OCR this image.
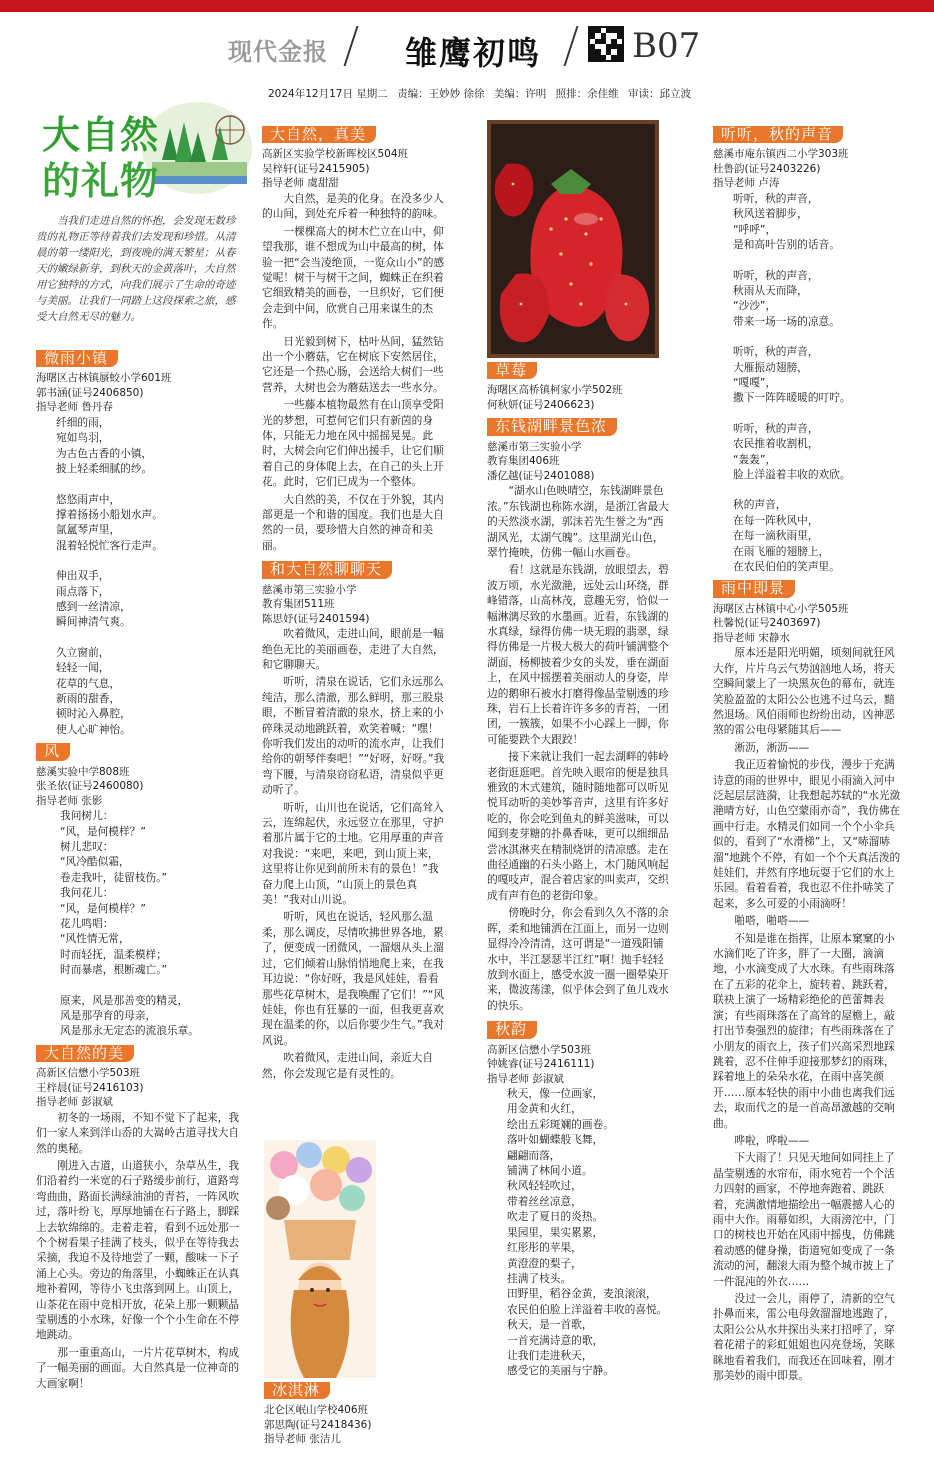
现代金报 雏鹰初鸣	B07
2024年12月17日 星期二 责编：王妙妙 徐徐 美编：许明 照排：余佳维 审读：邱立波
大自然
的礼物
当我们走进自然的怀抱，会发现无数珍贵的礼物正等待着我们去发现和珍惜。从清晨的第一缕阳光，到夜晚的满天繁星；从春天的嫩绿新芽，到秋天的金黄落叶，大自然用它独特的方式，向我们展示了生命的奇迹与美丽。让我们一同踏上这段探索之旅，感受大自然无尽的魅力。
微雨小镇
海曙区古林镇蜃蛟小学601班
郭书涵(证号2406850)
指导老师 鲁丹春
纤细的雨，
宛如鸟羽，
为古色古香的小镇，
披上轻柔细腻的纱。
悠悠雨声中，
撑着扬扬小船划水声。
氤氲琴声里，
混着轻悦忙客行走声。
伸出双手，
雨点落下，
感到一丝清凉，
瞬间神清气爽。
久立窗前，
轻轻一闻，
花草的气息，
新雨的甜香，
顿时沁入鼻腔，
使人心旷神怡。
风
慈溪实验中学808班
张圣依(证号2460080)
指导老师 张影
我问树儿：
“风，是何模样？”
树儿悲叹：
“风冷酷似霜，
卷走我叶，徒留枝伤。”
我问花儿：
“风，是何模样？”
花儿鸣唱：
“风性情无常，
时而轻抚，温柔模样；
时而暴虐，根断魂亡。”
原来，风是那善变的精灵，
风是那孕育的母亲，
风是那永无定态的流浪乐章。
大自然的美
高新区信懋小学503班
王梓晨(证号2416103)
指导老师 彭淑斌

初冬的一场雨，不知不觉下了起来，我们一家人来到洋山岙的大嵩岭古道寻找大自然的奥秘。

刚进入古道，山道狭小，杂草丛生，我们沿着约一米宽的石子路缓步前行，道路弯弯曲曲，路面长满绿油油的青苔，一阵风吹过，落叶纷飞，厚厚地铺在石子路上，脚踩上去软绵绵的。走着走着，看到不远处那一个个树看果子挂满了枝头，似乎在等待我去采摘，我迫不及待地尝了一颗，酸味一下子涌上心头。旁边的角落里，小蜘蛛正在认真地补着网，等待小飞虫落到网上。山顶上，山茶花在雨中竞相开放，花朵上那一颗颗晶莹剔透的小水珠，好像一个个小生命在不停地跳动。

那一重重高山，一片片花草树木，构成了一幅美丽的画面。大自然真是一位神奇的大画家啊！

大自然，真美
高新区实验学校新晖校区504班
吴梓轩(证号2415905)
指导老师 虞甜甜

大自然，是美的化身。在没多少人的山间，到处充斥着一种独特的韵味。

一棵棵高大的树木伫立在山中，仰望我那，谁不想成为山中最高的树，体验一把“会当凌绝顶，一览众山小”的感觉呢！树干与树干之间，蜘蛛正在织着它细致精美的画卷，一旦织好，它们便会走到中间，欣赏自己用来谋生的杰作。

日光毅到树下，枯叶丛间，猛然钻出一个小蘑菇，它在树底下安然居住，它还是一个热心肠，会送给大树们一些营养，大树也会为蘑菇送去一些水分。

一些藤本植物最然有在山顶享受阳光的梦想，可惹何它们只有新茵的身体，只能无力地在风中摇摇晃晃。此时，大树会向它们伸出援手，让它们顺着自己的身体爬上去，在自己的头上开花。此时，它们已成为一个整体。

大自然的美，不仅在于外貌，其内部更是一个和谐的国度。我们也是大自然的一员，要珍惜大自然的神奇和美丽。

和大自然聊聊天
慈溪市第三实验小学
教育集团511班
陈思妤(证号2401594)

吹着微风，走进山间，眼前是一幅绝色无比的美丽画卷，走进了大自然，和它聊聊天。

听听，清泉在说话，它们永远那么纯洁，那么清澈，那么鲜明，那三股泉眼，不断冒着清澈的泉水，挤上来的小碎珠灵动地跳跃着，欢笑着喊：“嘿！你听我们发出的动听的流水声，让我们给你的朝琴伴奏吧！”“好呀，好呀。”我弯下腰，与清泉窃窃私语，清泉似乎更动听了。

听听，山川也在说话，它们高耸入云，连绵起伏，永远竖立在那里，守护着那片属于它的土地。它用厚重的声音对我说：“来吧，来吧，到山顶上来，这里将让你见到前所未有的景色！”我奋力爬上山顶，“山顶上的景色真美！”我对山川说。

听听，风也在说话，轻风那么温柔，那么调皮，尽情吹拂世界各地，累了，便变成一团微风，一溜烟从头上溜过，它们倾着山脉悄悄地爬上来，在我耳边说：“你好呀，我是风娃娃，看看那些花草树木，是我唤醒了它们！”“风娃娃，你也有狂暴的一面，但我更喜欢现在温柔的你，以后你要少生气。”我对风说。

吹着微风，走进山间，亲近大自然，你会发现它是有灵性的。

冰淇淋
北仑区岷山学校406班
郭思陶(证号2418436)
指导老师 张洁儿
草莓
海曙区高桥镇柯家小学502班
何秋妍(证号2406623)
东钱湖畔景色浓
慈溪市第三实验小学
教育集团406班
潘亿越(证号2401088)

“湖水山色映晴空，东钱湖畔景色浓。”东钱湖也称陈水湖，是浙江省最大的天然淡水湖，郭沫若先生誉之为“西湖风光，太湖气魄”。这里湖光山色，翠竹掩映，仿佛一幅山水画卷。

看！这就是东钱湖，放眼望去，碧波万顷，水光潋滟，远处云山环绕，群峰错落，山高林茂，意趣无穷，恰似一幅淋漓尽致的水墨画。近看，东钱湖的水真绿，绿得仿佛一块无瑕的翡翠，绿得仿佛是一片极大极大的荷叶铺满整个湖面，杨柳披着少女的头发，垂在湖面上，在风中摇摆着美丽动人的身姿，岸边的鹅卵石被水打磨得像晶莹剔透的珍珠，岩石上长着许许多多的青苔，一团团，一簇簇，如果不小心踩上一脚，你可能要跌个大跟跤！

接下来就让我们一起去湖畔的韩岭老街逛逛吧。首先映入眼帘的便是独具雅致的木式建筑，随时随地都可以听见悦耳动听的美妙筝音声，这里有许多好吃的，你会吃到鱼丸的鲜美滋味，可以闻到麦芽糖的扑鼻香味，更可以细细品尝冰淇淋夹在精制烧饼的清凉感。走在曲径通幽的石头小路上，木门随风响起的嘎吱声，混合着店家的叫卖声，交织成有声有色的老街印象。

傍晚时分，你会看到久久不落的余晖，柔和地铺洒在江面上，而另一边则显得冷冷清清，这可谓是“一道残阳铺水中，半江瑟瑟半江红”啊！抛手轻轻放到水面上，感受水波一圈一圈晕染开来，微波荡漾，似乎体会到了鱼儿戏水的快乐。

秋韵
高新区信懋小学503班
钟姚睿(证号2416111)
指导老师 彭淑斌
秋天，像一位画家，
用金黄和火红，
绘出五彩斑斓的画卷。
落叶如蝴蝶般飞舞，
翩翩而落，
铺满了林间小道。
秋风轻轻吹过，
带着丝丝凉意，
吹走了夏日的炎热。
果园里，果实累累，
红彤彤的苹果，
黄澄澄的梨子，
挂满了枝头。
田野里，稻谷金黄，麦浪滚滚，
农民伯伯脸上洋溢着丰收的喜悦。
秋天，是一首歌，
一首充满诗意的歌，
让我们走进秋天，
感受它的美丽与宁静。
听听，秋的声音
慈溪市庵东镇西二小学303班
杜鲁韵(证号2403226)
指导老师 卢涛
听听，秋的声音，
秋风送着脚步，
“呼呼”，
是和高叶告别的话音。
听听，秋的声音，
秋雨从天而降，
“沙沙”，
带来一场一场的凉意。
听听，秋的声音，
大雁振动翅膀，
“嘎嘎”，
撒下一阵阵暖暖的叮咛。
听听，秋的声音，
农民推着收割机，
“轰轰”，
脸上洋溢着丰收的欢欣。
秋的声音，
在每一阵秋风中，
在每一滴秋雨里，
在雨飞雁的翅膀上，
在农民伯伯的笑声里。
雨中即景
海曙区古林镇中心小学505班
杜馨悦(证号2403697)
指导老师 宋静水

原本还是阳光明媚，顷刻间就狂风大作，片片乌云气势汹汹地人场，将天空瞬间蒙上了一块黑灰色的幕布，就连笑脸盈盈的太阳公公也逃不过乌云，黯然退场。风伯雨师也纷纷出动，凶神恶煞的雷公电母紧随其后——

淅沥，淅沥——

我正迈着愉悦的步伐，漫步于充满诗意的雨的世界中，眼见小雨滴入河中泛起层层涟漪，让我想起苏轼的“水光潋滟晴方好，山色空蒙雨亦奇”，我仿佛在画中行走。水精灵们如同一个个小伞兵似的，看到了“水滑梯”上，又“哧溜哧溜”地跳个不停，有如一个个天真活泼的娃娃们，并然有序地玩耍于它们的水上乐园。看着看着，我也忍不住扑哧笑了起来，多么可爱的小雨滴呀！

啪嗒，啪嗒——

不知是谁在指挥，让原本窠窠的小水滴们吃了许多，胖了一大圈，滴滴地，小水滴变成了大水珠。有些雨珠落在了五彩的花伞上，旋转着、跳跃着，联袂上演了一场精彩绝伦的芭蕾舞表演；有些雨珠落在了高耸的屋檐上，敲打出节奏强烈的旋律；有些雨珠落在了小朋友的雨衣上，孩子们兴高采烈地踩跳着，忍不住伸手迎接那梦幻的雨珠，踩着地上的朵朵水花，在雨中喜笑颜开……原本轻快的雨中小曲也离我们远去，取而代之的是一首高昂激越的交响曲。

哗啦，哗啦——

下大雨了！只见天地间如同挂上了晶莹剔透的水帘布，雨水宛若一个个活力四射的画家，不停地奔跑着、跳跃着，充满激情地描绘出一幅震撼人心的雨中大作。雨幕如织，大雨滂沱中，门口的树枝也开始在风雨中摇曳，仿佛跳着动感的健身操，街道宛如变成了一条流动的河，翻滚大雨为整个城市披上了一件混沌的外衣……

没过一会儿，雨停了，清新的空气扑鼻而来，雷公电母敛溜溜地逃跑了，太阳公公从水井探出头来打招呼了，穿着花裙子的彩虹姐姐也闪亮登场，笑眯眯地看着我们，而我还在回味着，刚才那美妙的雨中即景。
